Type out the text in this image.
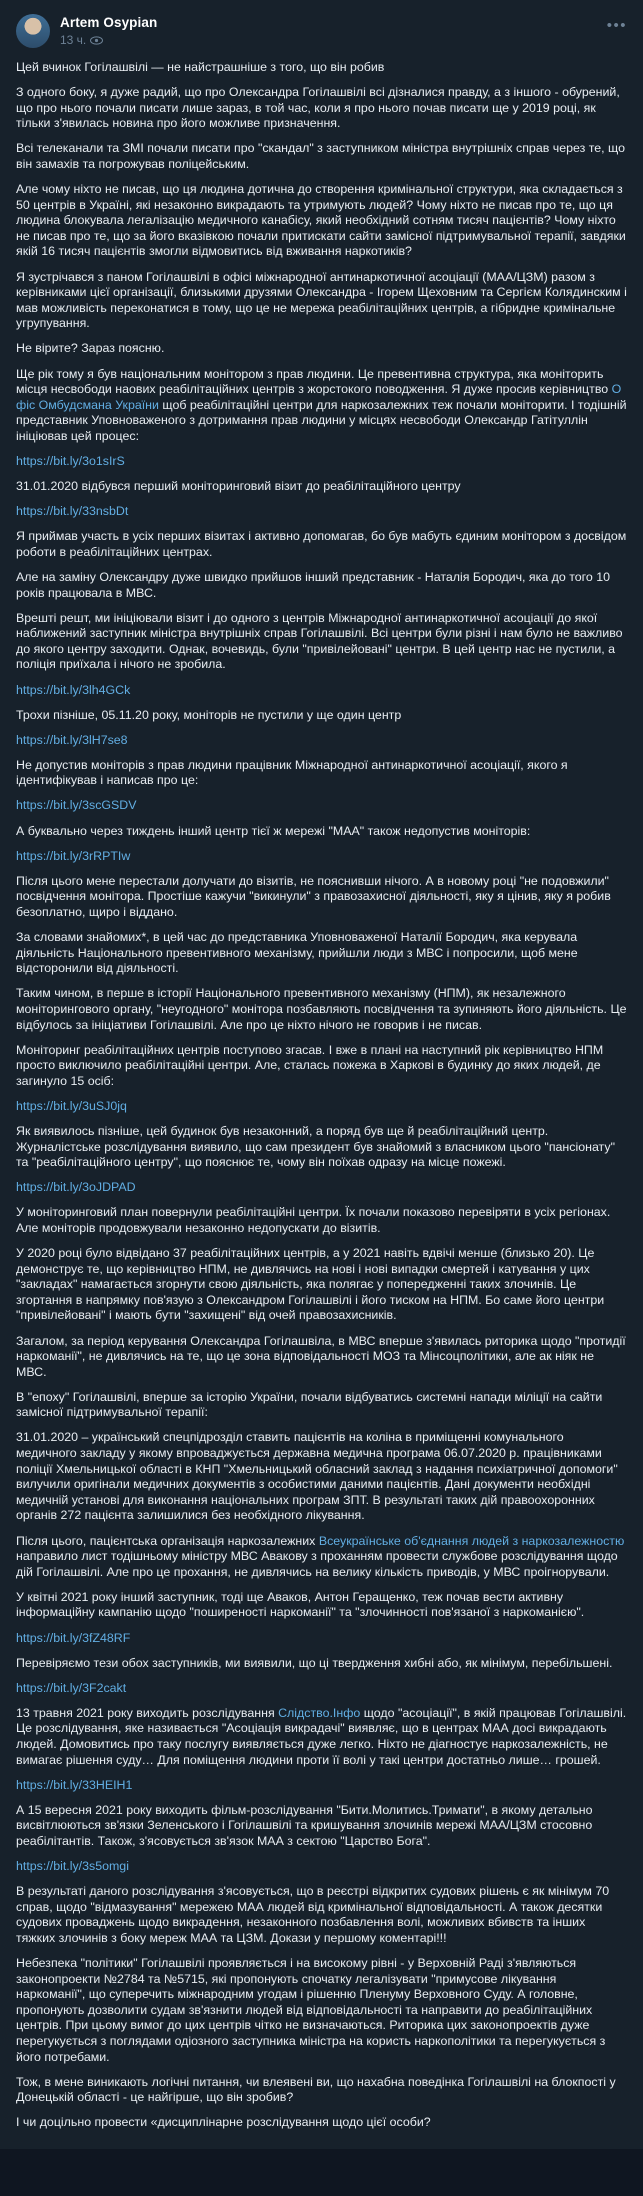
Artem Osypian
13 ч.
•••

Цей вчинок Гогілашвілі — не найстрашніше з того, що він робив

З одного боку, я дуже радий, що про Олександра Гогілашвілі всі дізналися правду, а з іншого - обурений, що про нього почали писати лише зараз, в той час, коли я про нього почав писати ще у 2019 році, як тільки з'явилась новина про його можливе призначення.

Всі телеканали та ЗМІ почали писати про "скандал" з заступником міністра внутрішніх справ через те, що він замахів та погрожував поліцейським.

Але чому ніхто не писав, що ця людина дотична до створення кримінальної структури, яка складається з 50 центрів в Україні, які незаконно викрадають та утримують людей? Чому ніхто не писав про те, що ця людина блокувала легалізацію медичного канабісу, який необхідний сотням тисяч пацієнтів? Чому ніхто не писав про те, що за його вказівкою почали притискати сайти замісної підтримувальної терапії, завдяки якій 16 тисяч пацієнтів змогли відмовитись від вживання наркотиків?

Я зустрічався з паном Гогілашвілі в офісі міжнародної антинаркотичної асоціації (МАА/ЦЗМ) разом з керівниками цієї організації, близькими друзями Олександра - Ігорем Щеховним та Сергієм Колядинским і мав можливість переконатися в тому, що це не мережа реабілітаційних центрів, а гібридне кримінальне угрупування.

Не вірите? Зараз поясню.

Ще рік тому я був національним монітором з прав людини. Це превентивна структура, яка моніторить місця несвободи наових реабілітаційних центрів з жорстокого поводження. Я дуже просив керівництво Офіс Омбудсмана України щоб реабілітаційні центри для наркозалежних теж почали моніторити. І тодішній представник Уповноваженого з дотримання прав людини у місцях несвободи Олександр Гатітуллін ініціював цей процес:

https://bit.ly/3o1sIrS

31.01.2020 відбувся перший моніторинговий візит до реабілітаційного центру

https://bit.ly/33nsbDt

Я приймав участь в усіх перших візитах і активно допомагав, бо був мабуть єдиним монітором з досвідом роботи в реабілітаційних центрах.

Але на заміну Олександру дуже швидко прийшов інший представник - Наталія Бородич, яка до того 10 років працювала в МВС.

Врешті решт, ми ініціювали візит і до одного з центрів Міжнародної антинаркотичної асоціації до якої наближений заступник міністра внутрішніх справ Гогілашвілі. Всі центри були різні і нам було не важливо до якого центру заходити. Однак, вочевидь, були "привілейовані" центри. В цей центр нас не пустили, а поліція приїхала і нічого не зробила.

https://bit.ly/3lh4GCk

Трохи пізніше, 05.11.20 року, моніторів не пустили у ще один центр

https://bit.ly/3lH7se8

Не допустив моніторів з прав людини працівник Міжнародної антинаркотичної асоціації, якого я ідентифікував і написав про це:

https://bit.ly/3scGSDV

А буквально через тиждень інший центр тієї ж мережі "МАА" також недопустив моніторів:

https://bit.ly/3rRPTIw

Після цього мене перестали долучати до візитів, не пояснивши нічого. А в новому році "не подовжили" посвідчення монітора. Простіше кажучи "викинули" з правозахисної діяльності, яку я цінив, яку я робив безоплатно, щиро і віддано.

За словами знайомих*, в цей час до представника Уповноваженої Наталії Бородич, яка керувала діяльність Національного превентивного механізму, прийшли люди з МВС і попросили, щоб мене відсторонили від діяльності.

Таким чином, в перше в історії Національного превентивного механізму (НПМ), як незалежного моніторингового органу, "неугодного" монітора позбавляють посвідчення та зупиняють його діяльність. Це відбулось за ініціативи Гогілашвілі. Але про це ніхто нічого не говорив і не писав.

Моніторинг реабілітаційних центрів поступово згасав. І вже в плані на наступний рік керівництво НПМ просто виключило реабілітаційні центри. Але, сталась пожежа в Харкові в будинку до яких людей, де загинуло 15 осіб:

https://bit.ly/3uSJ0jq

Як виявилось пізніше, цей будинок був незаконний, а поряд був ще й реабілітаційний центр. Журналістське розслідування виявило, що сам президент був знайомий з власником цього "пансіонату" та "реабілітаційного центру", що пояснює те, чому він поїхав одразу на місце пожежі.

https://bit.ly/3oJDPAD

У моніторинговий план повернули реабілітаційні центри. Їх почали показово перевіряти в усіх регіонах. Але моніторів продовжували незаконно недопускати до візитів.

У 2020 році було відвідано 37 реабілітаційних центрів, а у 2021 навіть вдвічі менше (близько 20). Це демонструє те, що керівництво НПМ, не дивлячись на нові і нові випадки смертей і катування у цих "закладах" намагається згорнути свою діяльність, яка полягає у попередженні таких злочинів. Це згортання в напрямку пов'язую з Олександром Гогілашвілі і його тиском на НПМ. Бо саме його центри "привілейовані" і мають бути "захищені" від очей правозахисників.

Загалом, за період керування Олександра Гогілашвіла, в МВС вперше з'явилась риторика щодо "протидії наркоманії", не дивлячись на те, що це зона відповідальності МОЗ та Мінсоцполітики, але ак ніяк не МВС.

В "епоху" Гогілашвілі, вперше за історію України, почали відбуватись системні напади міліції на сайти замісної підтримувальної терапії:

31.01.2020 – український спецпідрозділ ставить пацієнтів на коліна в приміщенні комунального медичного закладу у якому впроваджується державна медична програма 06.07.2020 р. працівниками поліції Хмельницької області в КНП "Хмельницький обласний заклад з надання психіатричної допомоги" вилучили оригінали медичних документів з особистими даними пацієнтів. Дані документи необхідні медичній установі для виконання національних програм ЗПТ. В результаті таких дій правоохоронних органів 272 пацієнта залишилися без необхідного лікування.

Після цього, пацієнтська організація наркозалежних Всеукраїнське об'єднання людей з наркозалежностю направило лист тодішньому міністру МВС Авакову з проханням провести службове розслідування щодо дій Гогілашвілі. Але про це прохання, не дивлячись на велику кількість приводів, у МВС проігнорували.

У квітні 2021 року інший заступник, тоді ще Аваков, Антон Геращенко, теж почав вести активну інформаційну кампанію щодо "поширеності наркоманії" та "злочинності пов'язаної з наркоманією".

https://bit.ly/3fZ48RF

Перевіряємо тези обох заступників, ми виявили, що ці твердження хибні або, як мінімум, перебільшені.

https://bit.ly/3F2cakt

13 травня 2021 року виходить розслідування Слідство.Інфо щодо "асоціації", в якій працював Гогілашвілі. Це розслідування, яке називається "Асоціація викрадачі" виявляє, що в центрах МАА досі викрадають людей. Домовитись про таку послугу виявляється дуже легко. Ніхто не діагностує наркозалежність, не вимагає рішення суду… Для поміщення людини проти її волі у такі центри достатньо лише… грошей.

https://bit.ly/33HEIH1

А 15 вересня 2021 року виходить фільм-розслідування "Бити.Молитись.Тримати", в якому детально висвітлюються зв'язки Зеленського і Гогілашвілі та кришування злочинів мережі МАА/ЦЗМ стосовно реабілітантів. Також, з'ясовується зв'язок МАА з сектою "Царство Бога".

https://bit.ly/3s5omgi

В результаті даного розслідування з'ясовується, що в реєстрі відкритих судових рішень є як мінімум 70 справ, щодо "відмазування" мережею МАА людей від кримінальної відповідальності. А також десятки судових проваджень щодо викрадення, незаконного позбавлення волі, можливих вбивств та інших тяжких злочинів з боку мереж МАА та ЦЗМ. Докази у першому коментарі!!!

Небезпека "політики" Гогілашвілі проявляється і на високому рівні - у Верховній Раді з'являються законопроекти №2784 та №5715, які пропонують спочатку легалізувати "примусове лікування наркоманії", що суперечить міжнародним угодам і рішенню Пленуму Верховного Суду. А головне, пропонують дозволити судам зв'язнити людей від відповідальності та направити до реабілітаційних центрів. При цьому вимог до цих центрів чітко не визначаються. Риторика цих законопроектів дуже перегукується з поглядами одіозного заступника міністра на користь наркополітики та перегукується з його потребами.

Тож, в мене виникають логічні питання, чи влеявені ви, що нахабна поведінка Гогілашвілі на блокпості у Донецькій області - це найгірше, що він зробив?

І чи доцільно провести «дисциплінарне розслідування щодо цієї особи?
